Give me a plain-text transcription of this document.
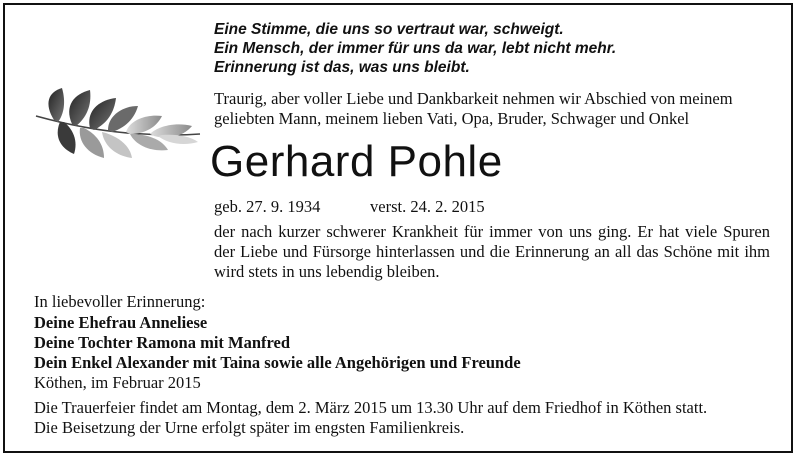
Eine Stimme, die uns so vertraut war, schweigt.
Ein Mensch, der immer für uns da war, lebt nicht mehr.
Erinnerung ist das, was uns bleibt.
Traurig, aber voller Liebe und Dankbarkeit nehmen wir Abschied von meinem
geliebten Mann, meinem lieben Vati, Opa, Bruder, Schwager und Onkel
Gerhard Pohle
geb. 27. 9. 1934	verst. 24. 2. 2015
der nach kurzer schwerer Krankheit für immer von uns ging. Er hat viele Spuren der Liebe und Fürsorge hinterlassen und die Erinnerung an all das Schöne mit ihm wird stets in uns lebendig bleiben.
In liebevoller Erinnerung:
Deine Ehefrau Anneliese
Deine Tochter Ramona mit Manfred
Dein Enkel Alexander mit Taina sowie alle Angehörigen und Freunde
Köthen, im Februar 2015
Die Trauerfeier findet am Montag, dem 2. März 2015 um 13.30 Uhr auf dem Friedhof in Köthen statt.
Die Beisetzung der Urne erfolgt später im engsten Familienkreis.
